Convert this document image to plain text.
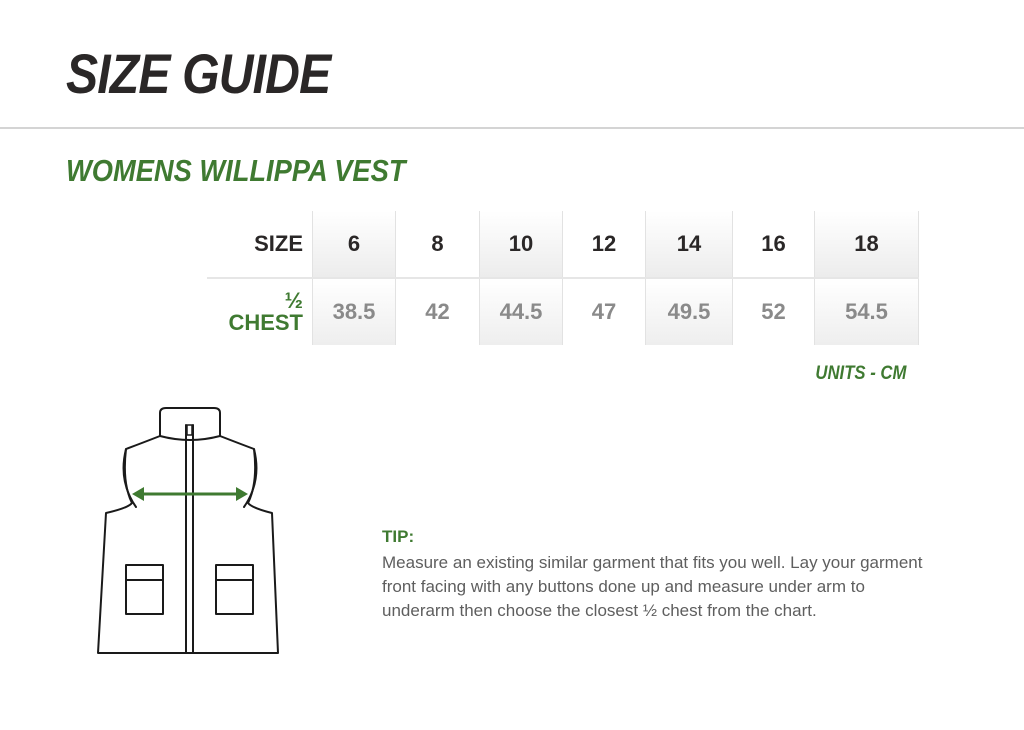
SIZE GUIDE
WOMENS WILLIPPA VEST
SIZE	6	8	10	12	14	16	18
½ CHEST	38.5	42	44.5	47	49.5	52	54.5
UNITS - CM
TIP:

Measure an existing similar garment that fits you well. Lay your garment front facing with any buttons done up and measure under arm to underarm then choose the closest ½ chest from the chart.
